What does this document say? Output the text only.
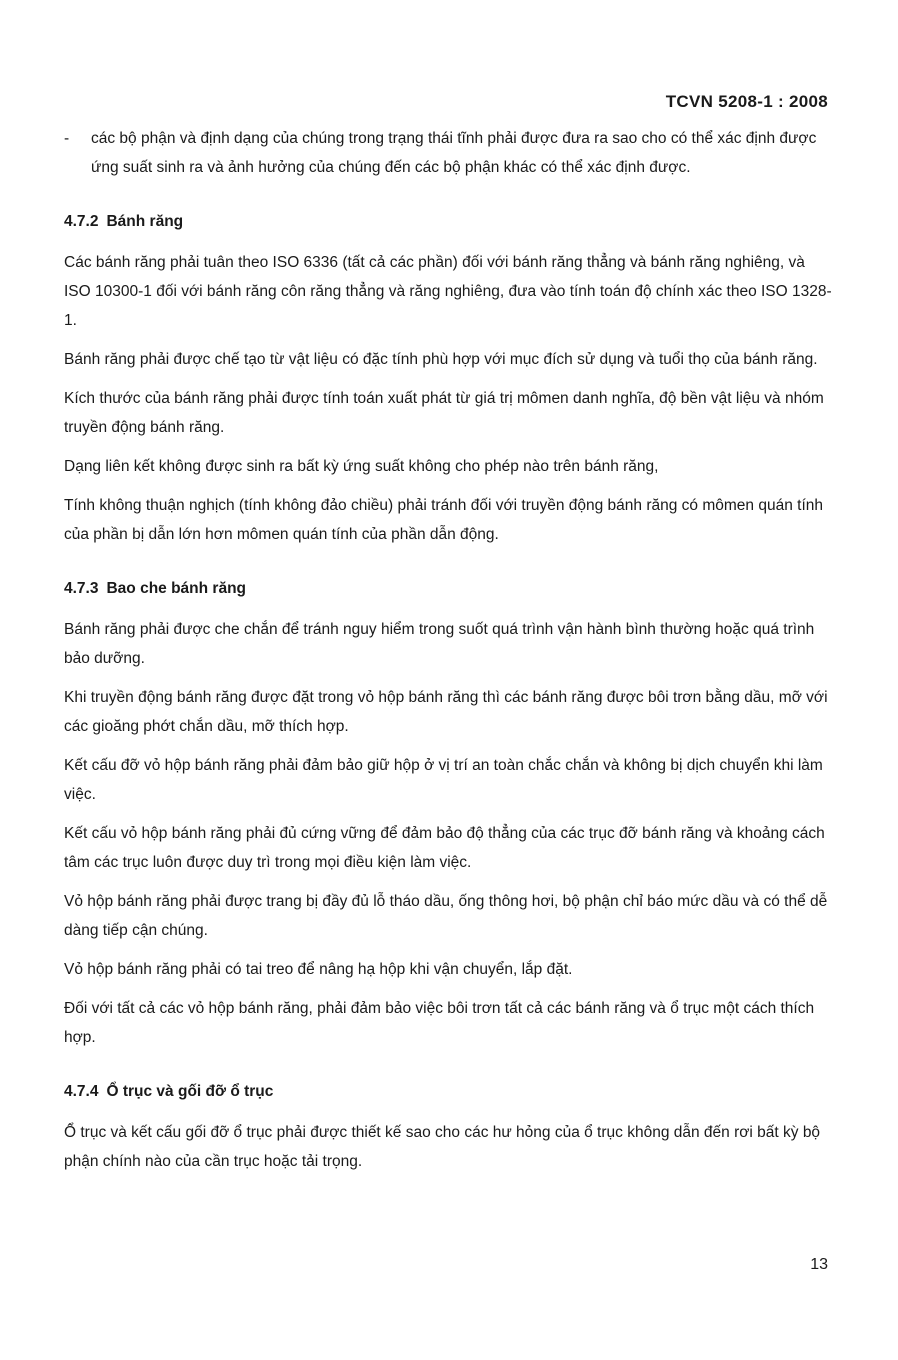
TCVN 5208-1 : 2008
- các bộ phận và định dạng của chúng trong trạng thái tĩnh phải được đưa ra sao cho có thể xác định được ứng suất sinh ra và ảnh hưởng của chúng đến các bộ phận khác có thể xác định được.
4.7.2 Bánh răng

Các bánh răng phải tuân theo ISO 6336 (tất cả các phần) đối với bánh răng thẳng và bánh răng nghiêng, và ISO 10300-1 đối với bánh răng côn răng thẳng và răng nghiêng, đưa vào tính toán độ chính xác theo ISO 1328-1.

Bánh răng phải được chế tạo từ vật liệu có đặc tính phù hợp với mục đích sử dụng và tuổi thọ của bánh răng.

Kích thước của bánh răng phải được tính toán xuất phát từ giá trị mômen danh nghĩa, độ bền vật liệu và nhóm truyền động bánh răng.

Dạng liên kết không được sinh ra bất kỳ ứng suất không cho phép nào trên bánh răng,

Tính không thuận nghịch (tính không đảo chiều) phải tránh đối với truyền động bánh răng có mômen quán tính của phần bị dẫn lớn hơn mômen quán tính của phần dẫn động.

4.7.3 Bao che bánh răng

Bánh răng phải được che chắn để tránh nguy hiểm trong suốt quá trình vận hành bình thường hoặc quá trình bảo dưỡng.

Khi truyền động bánh răng được đặt trong vỏ hộp bánh răng thì các bánh răng được bôi trơn bằng dầu, mỡ với các gioăng phớt chắn dầu, mỡ thích hợp.

Kết cấu đỡ vỏ hộp bánh răng phải đảm bảo giữ hộp ở vị trí an toàn chắc chắn và không bị dịch chuyển khi làm việc.

Kết cấu vỏ hộp bánh răng phải đủ cứng vững để đảm bảo độ thẳng của các trục đỡ bánh răng và khoảng cách tâm các trục luôn được duy trì trong mọi điều kiện làm việc.

Vỏ hộp bánh răng phải được trang bị đầy đủ lỗ tháo dầu, ống thông hơi, bộ phận chỉ báo mức dầu và có thể dễ dàng tiếp cận chúng.

Vỏ hộp bánh răng phải có tai treo để nâng hạ hộp khi vận chuyển, lắp đặt.

Đối với tất cả các vỏ hộp bánh răng, phải đảm bảo việc bôi trơn tất cả các bánh răng và ổ trục một cách thích hợp.

4.7.4 Ổ trục và gối đỡ ổ trục

Ổ trục và kết cấu gối đỡ ổ trục phải được thiết kế sao cho các hư hỏng của ổ trục không dẫn đến rơi bất kỳ bộ phận chính nào của cần trục hoặc tải trọng.

13
